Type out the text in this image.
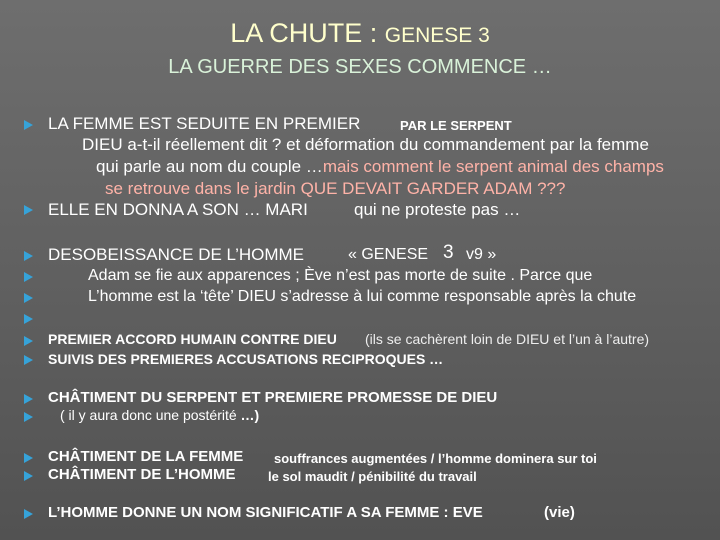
LA CHUTE : GENESE 3
LA GUERRE DES SEXES COMMENCE …
LA FEMME EST SEDUITE EN PREMIER	PAR LE SERPENT
DIEU a-t-il réellement dit ? et déformation du commandement par la femme
qui parle au nom du couple …mais comment le serpent animal des champs
se retrouve dans le jardin QUE DEVAIT GARDER ADAM ???
ELLE EN DONNA A SON … MARI	qui ne proteste pas …
DESOBEISSANCE DE L’HOMME	« GENESE 3 v9 »
Adam se fie aux apparences ; Ève n’est pas morte de suite . Parce que
L’homme est la ‘tête’ DIEU s’adresse à lui comme responsable après la chute
PREMIER ACCORD HUMAIN CONTRE DIEU (ils se cachèrent loin de DIEU et l’un à l’autre)
SUIVIS DES PREMIERES ACCUSATIONS RECIPROQUES …
CHÂTIMENT DU SERPENT ET PREMIERE PROMESSE DE DIEU
( il y aura donc une postérité …)
CHÂTIMENT DE LA FEMME souffrances augmentées / l’homme dominera sur toi
CHÂTIMENT DE L’HOMME	le sol maudit / pénibilité du travail
L’HOMME DONNE UN NOM SIGNIFICATIF A SA FEMME : EVE	(vie)
